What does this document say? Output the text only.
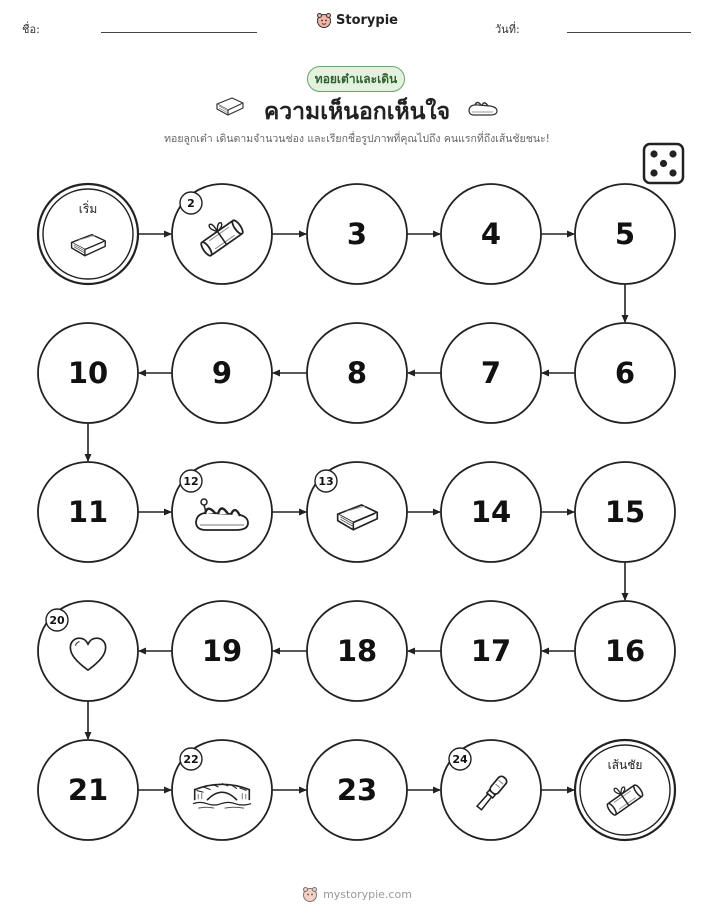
ชื่อ:	วันที่:
Storypie
ทอยเต๋าและเดิน
ความเห็นอกเห็นใจ
ทอยลูกเต๋า เดินตามจำนวนช่อง และเรียกชื่อรูปภาพที่คุณไปถึง คนแรกที่ถึงเส้นชัยชนะ!
เริ่ม	2
3	4	5
6
7
8
9
10
11
12	13
14	15
16
17
18
19
20
21
22
23
24	เส้นชัย
mystorypie.com
